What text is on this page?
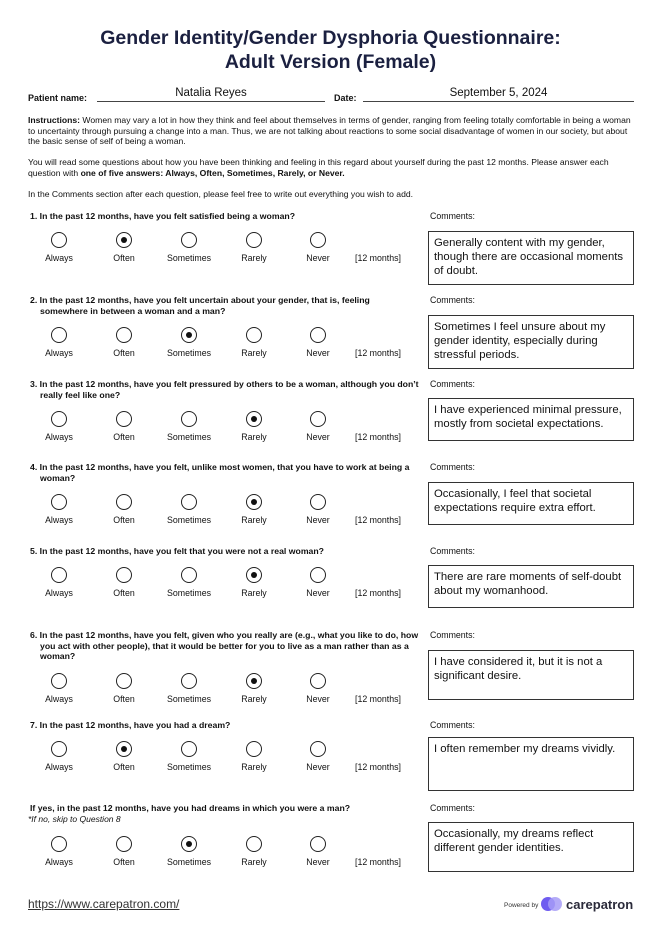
Gender Identity/Gender Dysphoria Questionnaire:
Adult Version (Female)
Patient name:	Natalia Reyes	Date:	September 5, 2024
Instructions: Women may vary a lot in how they think and feel about themselves in terms of gender, ranging from feeling totally comfortable in being a woman to uncertainty through pursuing a change into a man. Thus, we are not talking about reactions to some social disadvantage of women in our society, but about the basic sense of self of being a woman.
You will read some questions about how you have been thinking and feeling in this regard about yourself during the past 12 months. Please answer each question with one of five answers: Always, Often, Sometimes, Rarely, or Never.
In the Comments section after each question, please feel free to write out everything you wish to add.
1. In the past 12 months, have you felt satisfied being a woman?
Always	Often	Sometimes	Rarely	Never	[12 months]
Comments:
Generally content with my gender, though there are occasional moments of doubt.
2. In the past 12 months, have you felt uncertain about your gender, that is, feeling somewhere in between a woman and a man?
Always	Often	Sometimes	Rarely	Never	[12 months]
Comments:
Sometimes I feel unsure about my gender identity, especially during stressful periods.
3. In the past 12 months, have you felt pressured by others to be a woman, although you don’t really feel like one?
Always	Often	Sometimes	Rarely	Never	[12 months]
Comments:
I have experienced minimal pressure, mostly from societal expectations.
4. In the past 12 months, have you felt, unlike most women, that you have to work at being a woman?
Always	Often	Sometimes	Rarely	Never	[12 months]
Comments:
Occasionally, I feel that societal expectations require extra effort.
5. In the past 12 months, have you felt that you were not a real woman?
Always	Often	Sometimes	Rarely	Never	[12 months]
Comments:
There are rare moments of self-doubt about my womanhood.
6. In the past 12 months, have you felt, given who you really are (e.g., what you like to do, how you act with other people), that it would be better for you to live as a man rather than as a woman?
Always	Often	Sometimes	Rarely	Never	[12 months]
Comments:
I have considered it, but it is not a significant desire.
7. In the past 12 months, have you had a dream?
Always	Often	Sometimes	Rarely	Never	[12 months]
Comments:
I often remember my dreams vividly.
If yes, in the past 12 months, have you had dreams in which you were a man?
*If no, skip to Question 8
Always	Often	Sometimes	Rarely	Never	[12 months]
Comments:
Occasionally, my dreams reflect different gender identities.
https://www.carepatron.com/	Powered by carepatron
